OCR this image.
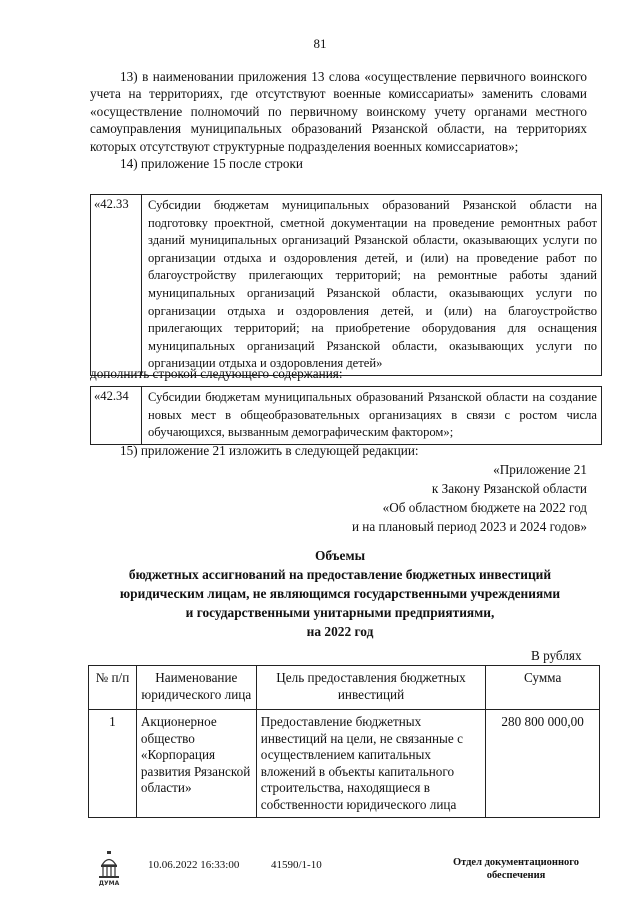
81

13) в наименовании приложения 13 слова «осуществление первичного воинского учета на территориях, где отсутствуют военные комиссариаты» заменить словами «осуществление полномочий по первичному воинскому учету органами местного самоуправления муниципальных образований Рязанской области, на территориях которых отсутствуют структурные подразделения военных комиссариатов»;

14) приложение 15 после строки

«42.33	Субсидии бюджетам муниципальных образований Рязанской области на подготовку проектной, сметной документации на проведение ремонтных работ зданий муниципальных организаций Рязанской области, оказывающих услуги по организации отдыха и оздоровления детей, и (или) на проведение работ по благоустройству прилегающих территорий; на ремонтные работы зданий муниципальных организаций Рязанской области, оказывающих услуги по организации отдыха и оздоровления детей, и (или) на благоустройство прилегающих территорий; на приобретение оборудования для оснащения муниципальных организаций Рязанской области, оказывающих услуги по организации отдыха и оздоровления детей»
дополнить строкой следующего содержания:
«42.34	Субсидии бюджетам муниципальных образований Рязанской области на создание новых мест в общеобразовательных организациях в связи с ростом числа обучающихся, вызванным демографическим фактором»;

15) приложение 21 изложить в следующей редакции:

«Приложение 21
к Закону Рязанской области
«Об областном бюджете на 2022 год
и на плановый период 2023 и 2024 годов»
Объемы
бюджетных ассигнований на предоставление бюджетных инвестиций
юридическим лицам, не являющимся государственными учреждениями
и государственными унитарными предприятиями,
на 2022 год
В рублях
№ п/п	Наименование юридического лица	Цель предоставления бюджетных инвестиций	Сумма
1	Акционерное общество «Корпорация развития Рязанской области»	Предоставление бюджетных инвестиций на цели, не связанные с осуществлением капитальных вложений в объекты капитального строительства, находящиеся в собственности юридического лица	280 800 000,00
ДУМА
10.06.2022 16:33:00	41590/1-10	Отдел документационного
обеспечения
